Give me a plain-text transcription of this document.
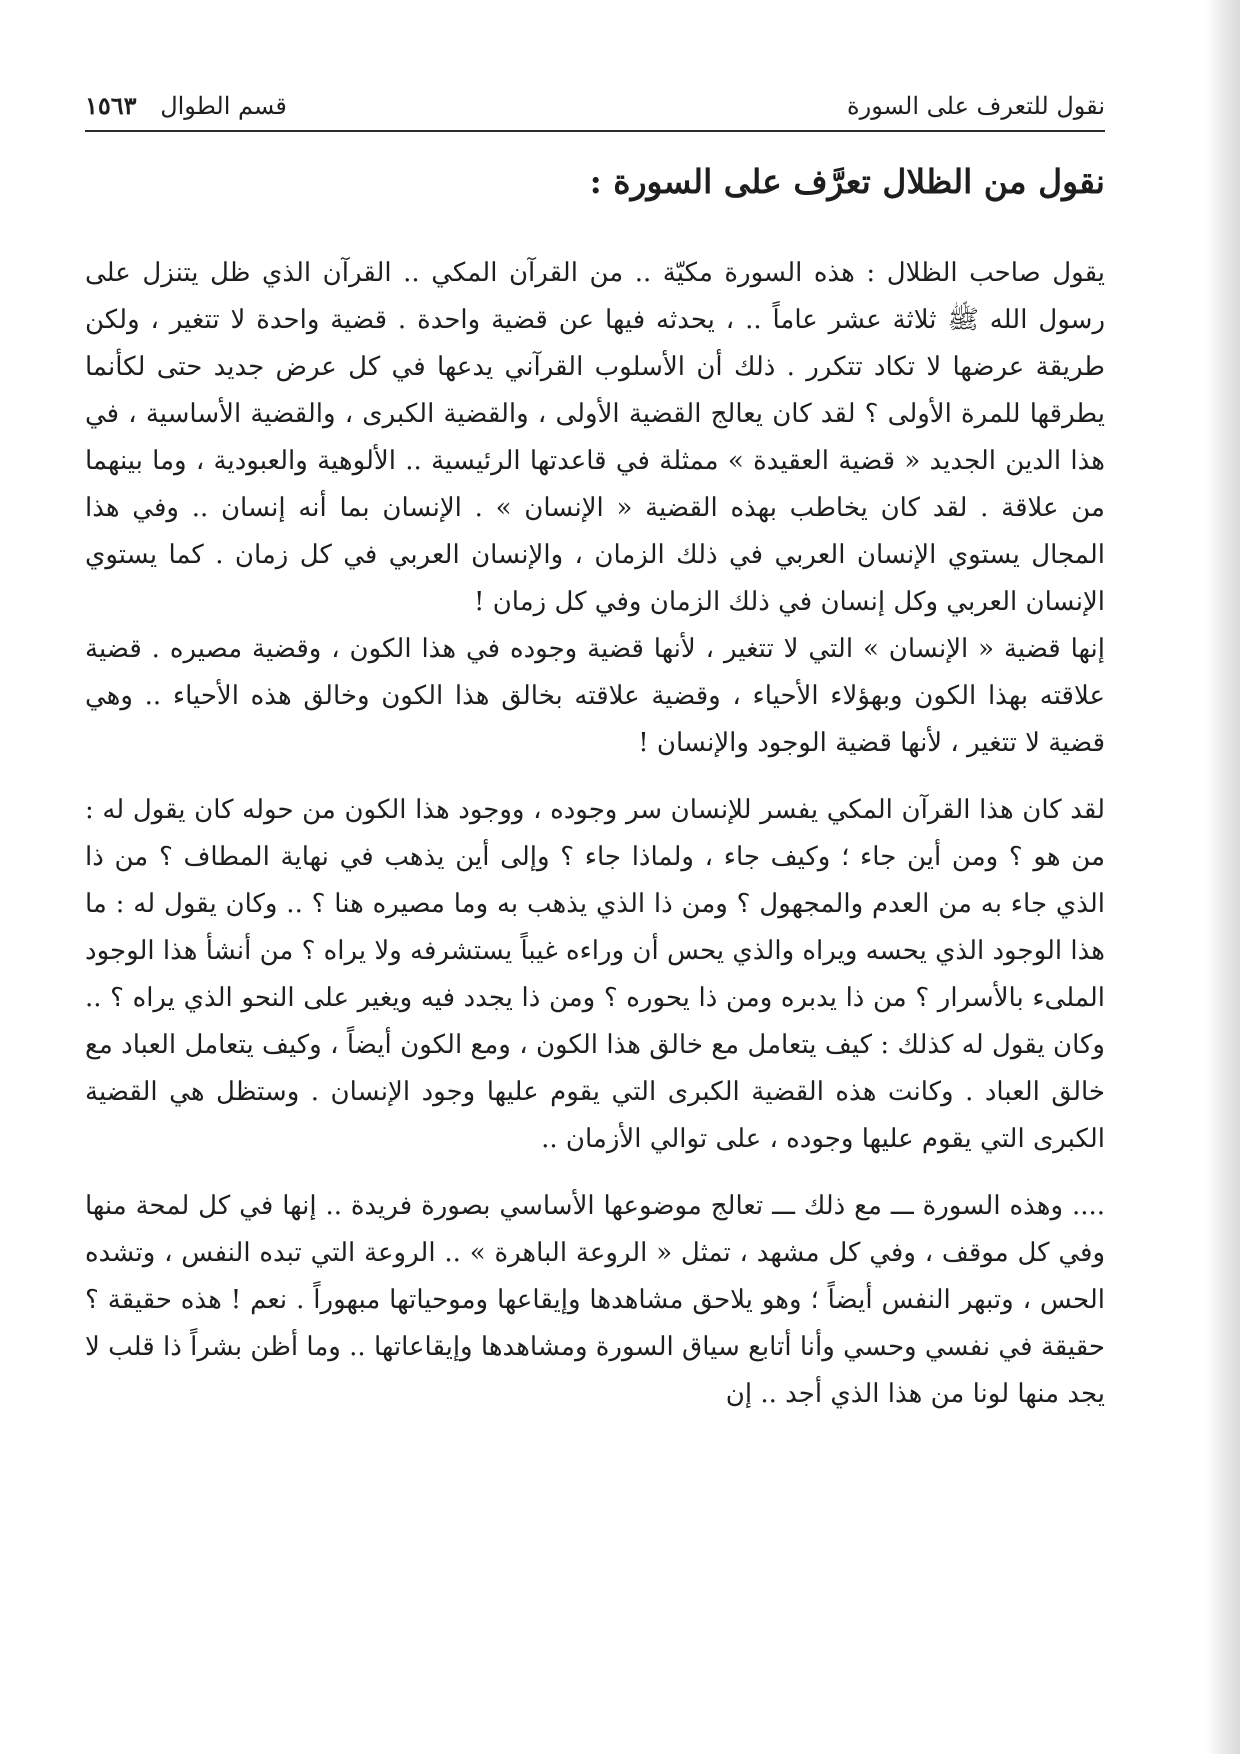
نقول للتعرف على السورة
قسم الطوال ١٥٦٣
نقول من الظلال تعرَّف على السورة :

يقول صاحب الظلال : هذه السورة مكيّة .. من القرآن المكي .. القرآن الذي ظل يتنزل على رسول الله ﷺ ثلاثة عشر عاماً .. ، يحدثه فيها عن قضية واحدة . قضية واحدة لا تتغير ، ولكن طريقة عرضها لا تكاد تتكرر . ذلك أن الأسلوب القرآني يدعها في كل عرض جديد حتى لكأنما يطرقها للمرة الأولى ؟ لقد كان يعالج القضية الأولى ، والقضية الكبرى ، والقضية الأساسية ، في هذا الدين الجديد « قضية العقيدة » ممثلة في قاعدتها الرئيسية .. الألوهية والعبودية ، وما بينهما من علاقة . لقد كان يخاطب بهذه القضية « الإنسان » . الإنسان بما أنه إنسان .. وفي هذا المجال يستوي الإنسان العربي في ذلك الزمان ، والإنسان العربي في كل زمان . كما يستوي الإنسان العربي وكل إنسان في ذلك الزمان وفي كل زمان !

إنها قضية « الإنسان » التي لا تتغير ، لأنها قضية وجوده في هذا الكون ، وقضية مصيره . قضية علاقته بهذا الكون وبهؤلاء الأحياء ، وقضية علاقته بخالق هذا الكون وخالق هذه الأحياء .. وهي قضية لا تتغير ، لأنها قضية الوجود والإنسان !

لقد كان هذا القرآن المكي يفسر للإنسان سر وجوده ، ووجود هذا الكون من حوله كان يقول له : من هو ؟ ومن أين جاء ؛ وكيف جاء ، ولماذا جاء ؟ وإلى أين يذهب في نهاية المطاف ؟ من ذا الذي جاء به من العدم والمجهول ؟ ومن ذا الذي يذهب به وما مصيره هنا ؟ .. وكان يقول له : ما هذا الوجود الذي يحسه ويراه والذي يحس أن وراءه غيباً يستشرفه ولا يراه ؟ من أنشأ هذا الوجود الملىء بالأسرار ؟ من ذا يدبره ومن ذا يحوره ؟ ومن ذا يجدد فيه ويغير على النحو الذي يراه ؟ .. وكان يقول له كذلك : كيف يتعامل مع خالق هذا الكون ، ومع الكون أيضاً ، وكيف يتعامل العباد مع خالق العباد . وكانت هذه القضية الكبرى التي يقوم عليها وجود الإنسان . وستظل هي القضية الكبرى التي يقوم عليها وجوده ، على توالي الأزمان ..

.... وهذه السورة ـــ مع ذلك ـــ تعالج موضوعها الأساسي بصورة فريدة .. إنها في كل لمحة منها وفي كل موقف ، وفي كل مشهد ، تمثل « الروعة الباهرة » .. الروعة التي تبده النفس ، وتشده الحس ، وتبهر النفس أيضاً ؛ وهو يلاحق مشاهدها وإيقاعها وموحياتها مبهوراً . نعم ! هذه حقيقة ؟ حقيقة في نفسي وحسي وأنا أتابع سياق السورة ومشاهدها وإيقاعاتها .. وما أظن بشراً ذا قلب لا يجد منها لونا من هذا الذي أجد .. إن
